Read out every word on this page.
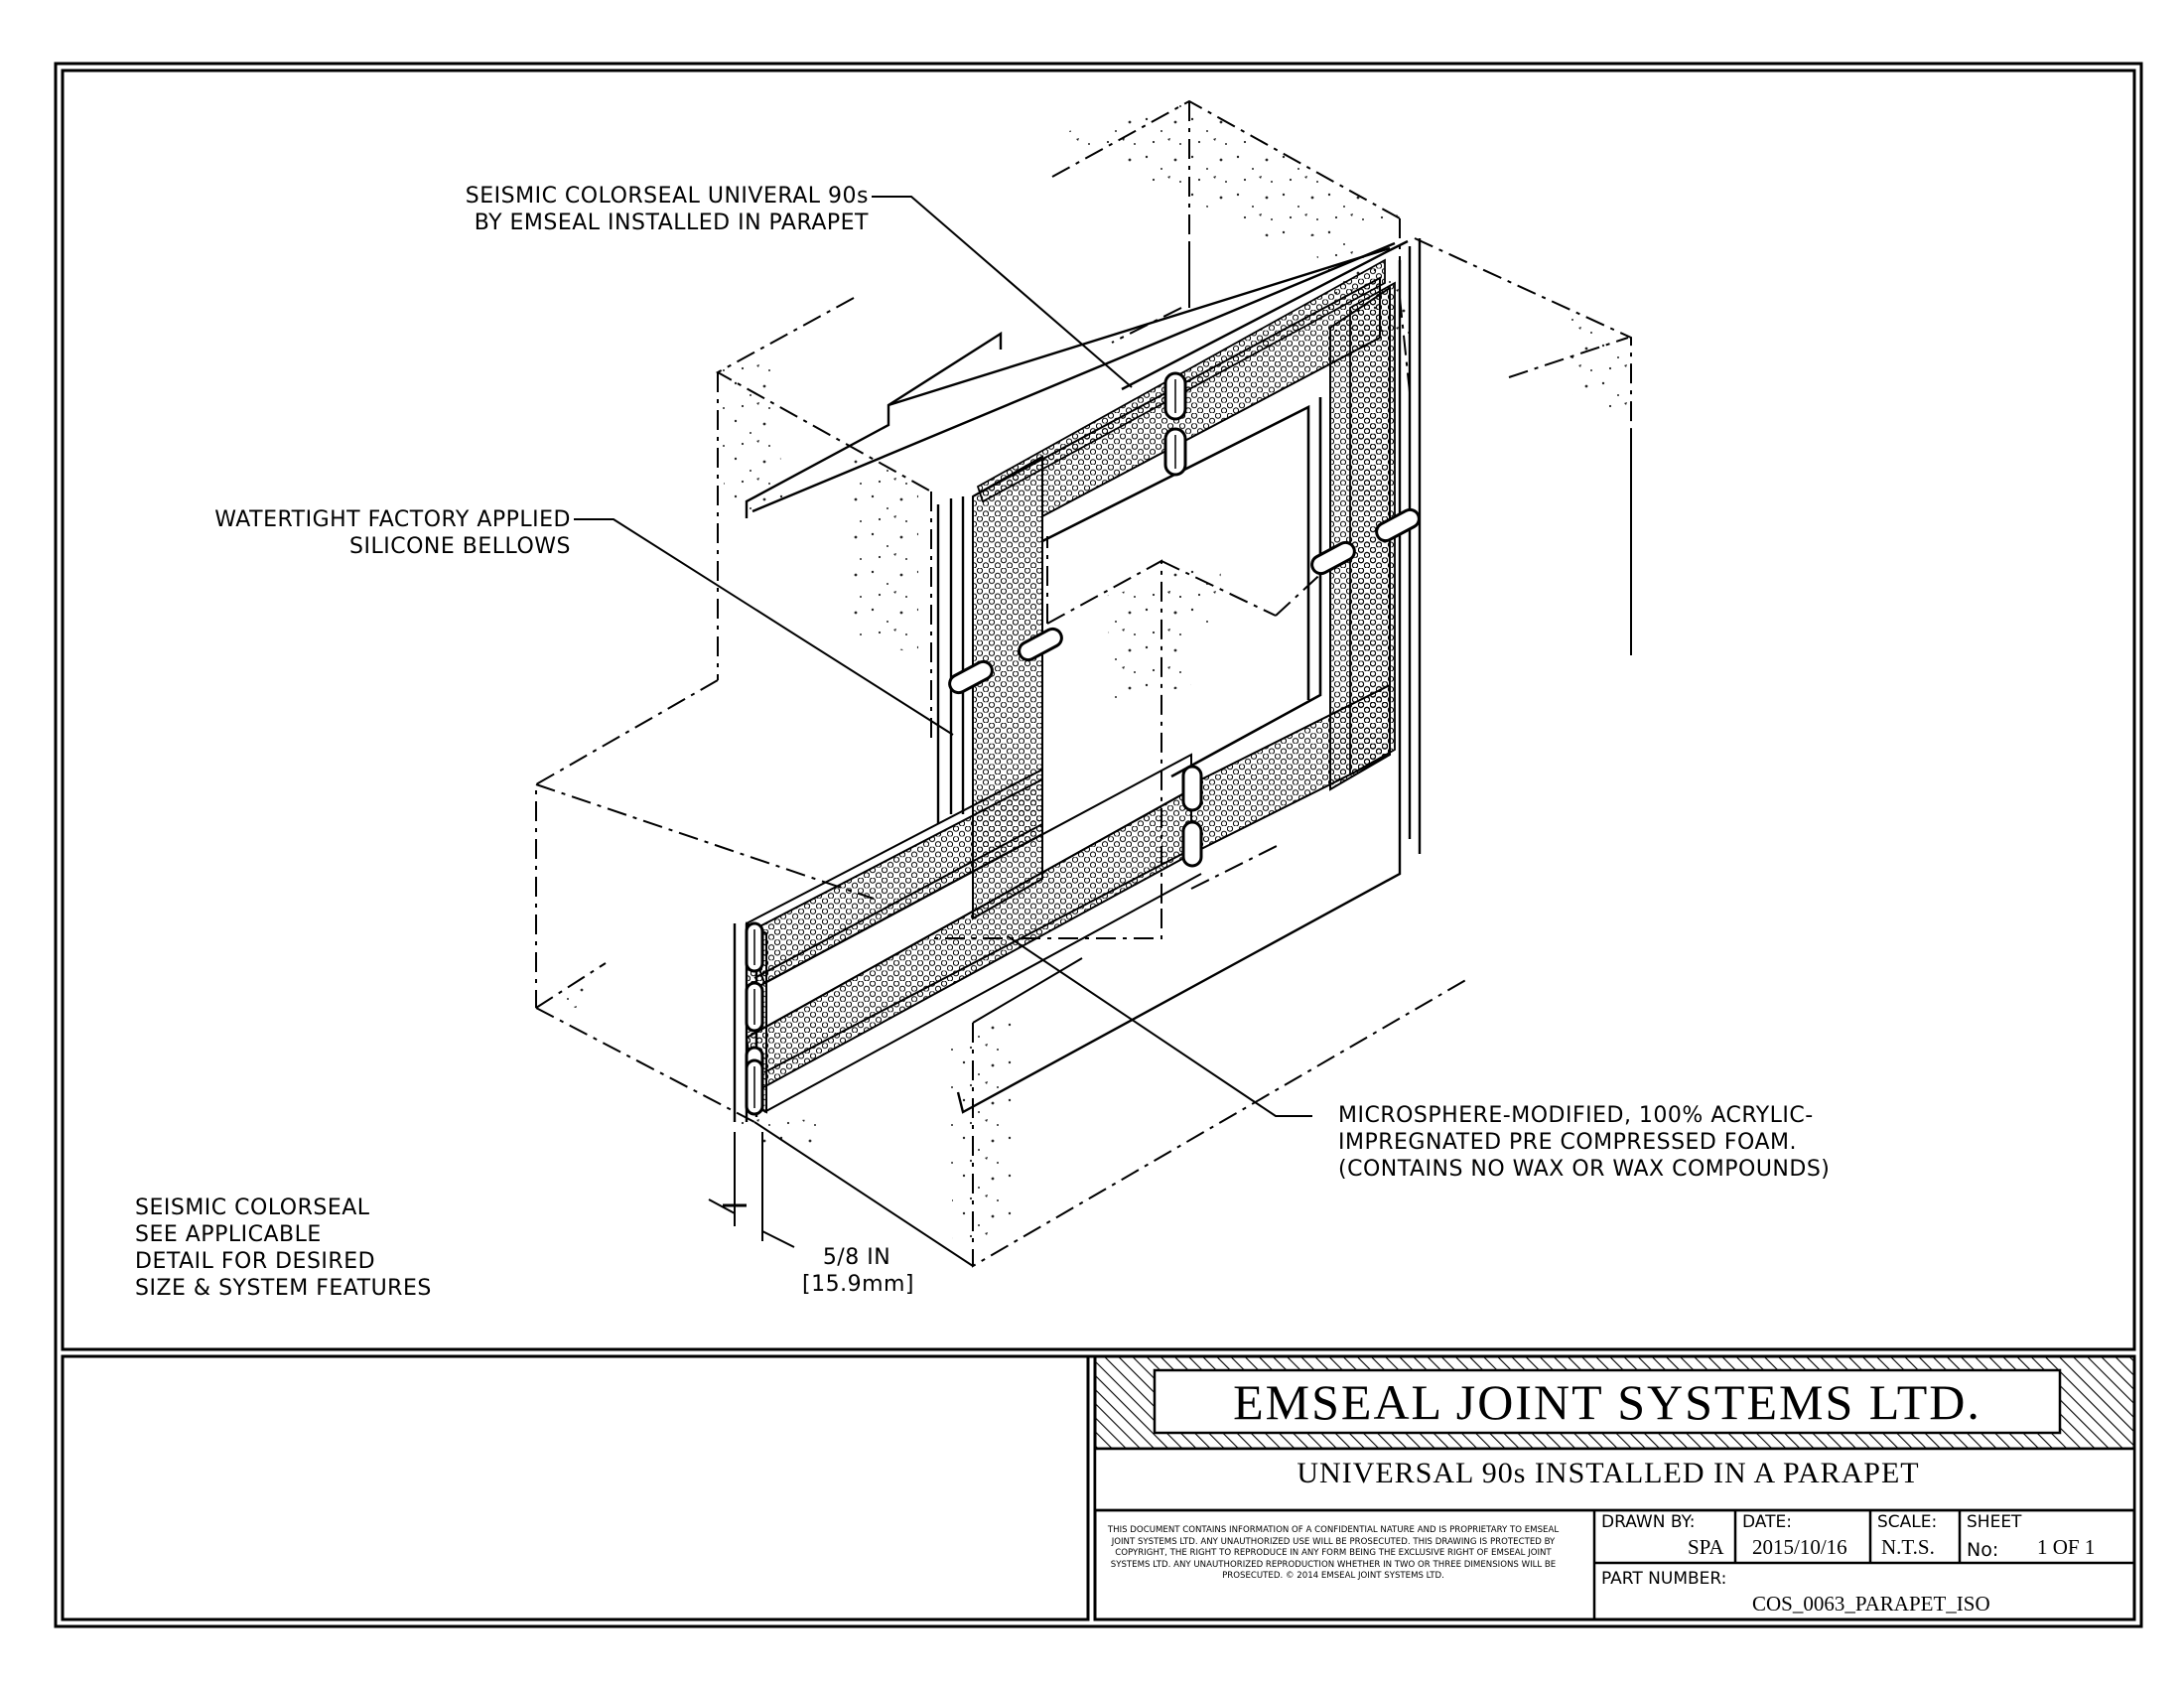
SEISMIC COLORSEAL UNIVERAL 90s
BY EMSEAL INSTALLED IN PARAPET
WATERTIGHT FACTORY APPLIED
SILICONE BELLOWS
MICROSPHERE-MODIFIED, 100% ACRYLIC-
IMPREGNATED PRE COMPRESSED FOAM.
(CONTAINS NO WAX OR WAX COMPOUNDS)
SEISMIC COLORSEAL
SEE APPLICABLE
DETAIL FOR DESIRED
SIZE & SYSTEM FEATURES
5/8 IN
[15.9mm]
EMSEAL JOINT SYSTEMS LTD.
UNIVERSAL 90s INSTALLED IN A PARAPET
THIS DOCUMENT CONTAINS INFORMATION OF A CONFIDENTIAL NATURE AND IS PROPRIETARY TO EMSEAL JOINT SYSTEMS LTD. ANY UNAUTHORIZED USE WILL BE PROSECUTED. THIS DRAWING IS PROTECTED BY COPYRIGHT, THE RIGHT TO REPRODUCE IN ANY FORM BEING THE EXCLUSIVE RIGHT OF EMSEAL JOINT SYSTEMS LTD. ANY UNAUTHORIZED REPRODUCTION WHETHER IN TWO OR THREE DIMENSIONS WILL BE PROSECUTED. © 2014 EMSEAL JOINT SYSTEMS LTD.
DRAWN BY:
SPA
DATE:
2015/10/16
SCALE:
N.T.S.
SHEET
No: 1 OF 1
PART NUMBER:
COS_0063_PARAPET_ISO
